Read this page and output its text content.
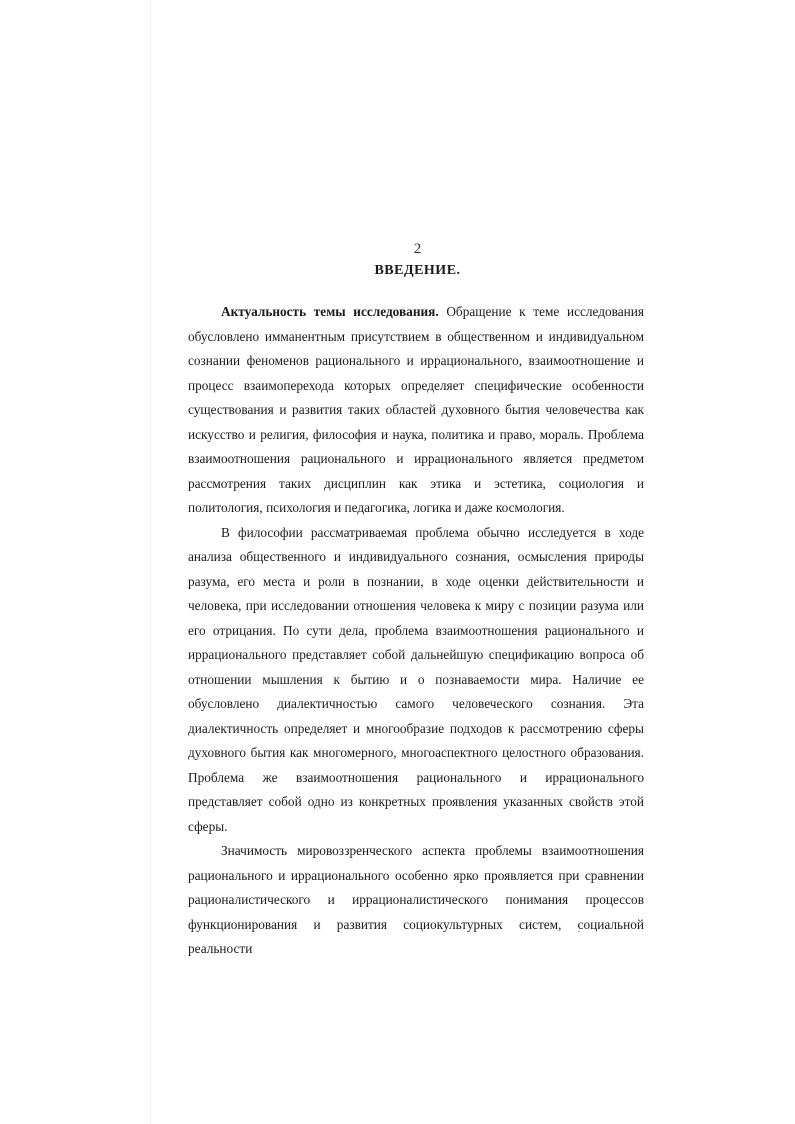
2
ВВЕДЕНИЕ.

Актуальность темы исследования. Обращение к теме исследования обусловлено имманентным присутствием в общественном и индивидуальном сознании феноменов рационального и иррационального, взаимоотношение и процесс взаимоперехода которых определяет специфические особенности существования и развития таких областей духовного бытия человечества как искусство и религия, философия и наука, политика и право, мораль. Проблема взаимоотношения рационального и иррационального является предметом рассмотрения таких дисциплин как этика и эстетика, социология и политология, психология и педагогика, логика и даже космология.

В философии рассматриваемая проблема обычно исследуется в ходе анализа общественного и индивидуального сознания, осмысления природы разума, его места и роли в познании, в ходе оценки действительности и человека, при исследовании отношения человека к миру с позиции разума или его отрицания. По сути дела, проблема взаимоотношения рационального и иррационального представляет собой дальнейшую спецификацию вопроса об отношении мышления к бытию и о познаваемости мира. Наличие ее обусловлено диалектичностью самого человеческого сознания. Эта диалектичность определяет и многообразие подходов к рассмотрению сферы духовного бытия как многомерного, многоаспектного целостного образования. Проблема же взаимоотношения рационального и иррационального представляет собой одно из конкретных проявления указанных свойств этой сферы.

Значимость мировоззренческого аспекта проблемы взаимоотношения рационального и иррационального особенно ярко проявляется при сравнении рационалистического и иррационалистического понимания процессов функционирования и развития социокультурных систем, социальной реальности
